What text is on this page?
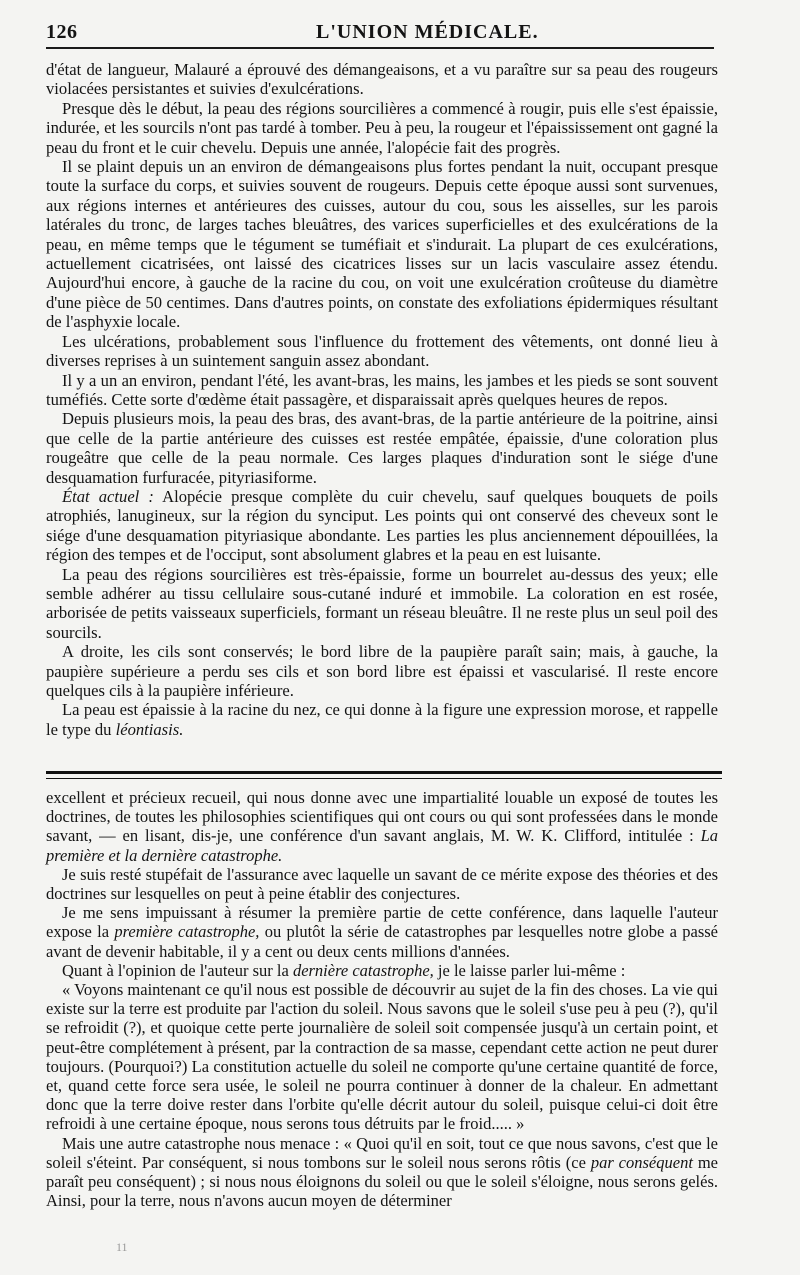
126	L'UNION MÉDICALE.

d'état de langueur, Malauré a éprouvé des démangeaisons, et a vu paraître sur sa peau des rougeurs violacées persistantes et suivies d'exulcérations.

Presque dès le début, la peau des régions sourcilières a commencé à rougir, puis elle s'est épaissie, indurée, et les sourcils n'ont pas tardé à tomber. Peu à peu, la rougeur et l'épaississement ont gagné la peau du front et le cuir chevelu. Depuis une année, l'alopécie fait des progrès.

Il se plaint depuis un an environ de démangeaisons plus fortes pendant la nuit, occupant presque toute la surface du corps, et suivies souvent de rougeurs. Depuis cette époque aussi sont survenues, aux régions internes et antérieures des cuisses, autour du cou, sous les aisselles, sur les parois latérales du tronc, de larges taches bleuâtres, des varices superficielles et des exulcérations de la peau, en même temps que le tégument se tuméfiait et s'indurait. La plupart de ces exulcérations, actuellement cicatrisées, ont laissé des cicatrices lisses sur un lacis vasculaire assez étendu. Aujourd'hui encore, à gauche de la racine du cou, on voit une exulcération croûteuse du diamètre d'une pièce de 50 centimes. Dans d'autres points, on constate des exfoliations épidermiques résultant de l'asphyxie locale.

Les ulcérations, probablement sous l'influence du frottement des vêtements, ont donné lieu à diverses reprises à un suintement sanguin assez abondant.

Il y a un an environ, pendant l'été, les avant-bras, les mains, les jambes et les pieds se sont souvent tuméfiés. Cette sorte d'œdème était passagère, et disparaissait après quelques heures de repos.

Depuis plusieurs mois, la peau des bras, des avant-bras, de la partie antérieure de la poitrine, ainsi que celle de la partie antérieure des cuisses est restée empâtée, épaissie, d'une coloration plus rougeâtre que celle de la peau normale. Ces larges plaques d'induration sont le siége d'une desquamation furfuracée, pityriasiforme.

État actuel : Alopécie presque complète du cuir chevelu, sauf quelques bouquets de poils atrophiés, lanugineux, sur la région du synciput. Les points qui ont conservé des cheveux sont le siége d'une desquamation pityriasique abondante. Les parties les plus anciennement dépouillées, la région des tempes et de l'occiput, sont absolument glabres et la peau en est luisante.

La peau des régions sourcilières est très-épaissie, forme un bourrelet au-dessus des yeux; elle semble adhérer au tissu cellulaire sous-cutané induré et immobile. La coloration en est rosée, arborisée de petits vaisseaux superficiels, formant un réseau bleuâtre. Il ne reste plus un seul poil des sourcils.

A droite, les cils sont conservés; le bord libre de la paupière paraît sain; mais, à gauche, la paupière supérieure a perdu ses cils et son bord libre est épaissi et vascularisé. Il reste encore quelques cils à la paupière inférieure.

La peau est épaissie à la racine du nez, ce qui donne à la figure une expression morose, et rappelle le type du léontiasis.

excellent et précieux recueil, qui nous donne avec une impartialité louable un exposé de toutes les doctrines, de toutes les philosophies scientifiques qui ont cours ou qui sont professées dans le monde savant, — en lisant, dis-je, une conférence d'un savant anglais, M. W. K. Clifford, intitulée : La première et la dernière catastrophe.

Je suis resté stupéfait de l'assurance avec laquelle un savant de ce mérite expose des théories et des doctrines sur lesquelles on peut à peine établir des conjectures.

Je me sens impuissant à résumer la première partie de cette conférence, dans laquelle l'auteur expose la première catastrophe, ou plutôt la série de catastrophes par lesquelles notre globe a passé avant de devenir habitable, il y a cent ou deux cents millions d'années.

Quant à l'opinion de l'auteur sur la dernière catastrophe, je le laisse parler lui-même :

« Voyons maintenant ce qu'il nous est possible de découvrir au sujet de la fin des choses. La vie qui existe sur la terre est produite par l'action du soleil. Nous savons que le soleil s'use peu à peu (?), qu'il se refroidit (?), et quoique cette perte journalière de soleil soit compensée jusqu'à un certain point, et peut-être complétement à présent, par la contraction de sa masse, cependant cette action ne peut durer toujours. (Pourquoi?) La constitution actuelle du soleil ne comporte qu'une certaine quantité de force, et, quand cette force sera usée, le soleil ne pourra continuer à donner de la chaleur. En admettant donc que la terre doive rester dans l'orbite qu'elle décrit autour du soleil, puisque celui-ci doit être refroidi à une certaine époque, nous serons tous détruits par le froid..... »

Mais une autre catastrophe nous menace : « Quoi qu'il en soit, tout ce que nous savons, c'est que le soleil s'éteint. Par conséquent, si nous tombons sur le soleil nous serons rôtis (ce par conséquent me paraît peu conséquent) ; si nous nous éloignons du soleil ou que le soleil s'éloigne, nous serons gelés. Ainsi, pour la terre, nous n'avons aucun moyen de déterminer

11
